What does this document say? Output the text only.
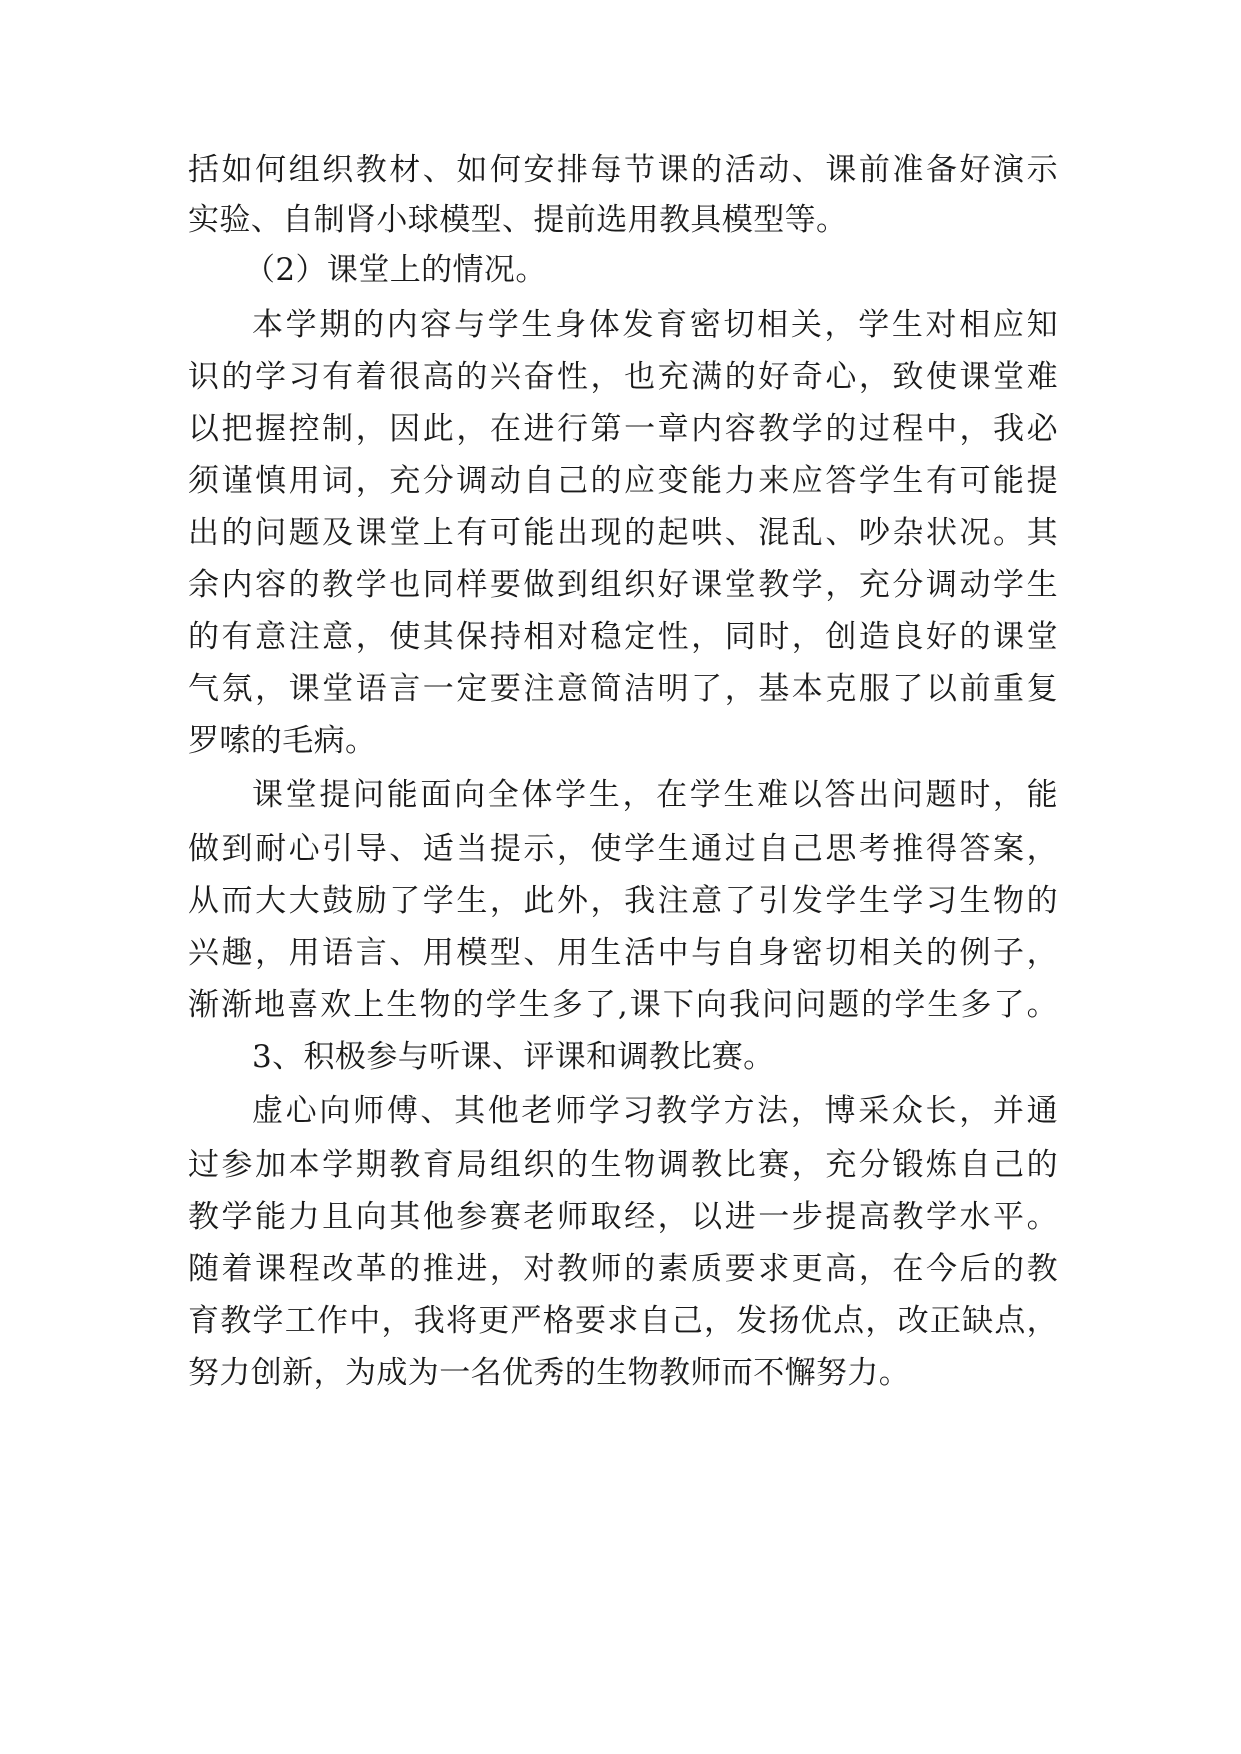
括如何组织教材、如何安排每节课的活动、课前准备好演示
实验、自制肾小球模型、提前选用教具模型等。
（2）课堂上的情况。
本学期的内容与学生身体发育密切相关，学生对相应知
识的学习有着很高的兴奋性，也充满的好奇心，致使课堂难
以把握控制，因此，在进行第一章内容教学的过程中，我必
须谨慎用词，充分调动自己的应变能力来应答学生有可能提
出的问题及课堂上有可能出现的起哄、混乱、吵杂状况。其
余内容的教学也同样要做到组织好课堂教学，充分调动学生
的有意注意，使其保持相对稳定性，同时，创造良好的课堂
气氛，课堂语言一定要注意简洁明了，基本克服了以前重复
罗嗦的毛病。
课堂提问能面向全体学生，在学生难以答出问题时，能
做到耐心引导、适当提示，使学生通过自己思考推得答案，
从而大大鼓励了学生，此外，我注意了引发学生学习生物的
兴趣，用语言、用模型、用生活中与自身密切相关的例子，
渐渐地喜欢上生物的学生多了,课下向我问问题的学生多了。
3、积极参与听课、评课和调教比赛。
虚心向师傅、其他老师学习教学方法，博采众长，并通
过参加本学期教育局组织的生物调教比赛，充分锻炼自己的
教学能力且向其他参赛老师取经，以进一步提高教学水平。
随着课程改革的推进，对教师的素质要求更高，在今后的教
育教学工作中，我将更严格要求自己，发扬优点，改正缺点，
努力创新，为成为一名优秀的生物教师而不懈努力。
